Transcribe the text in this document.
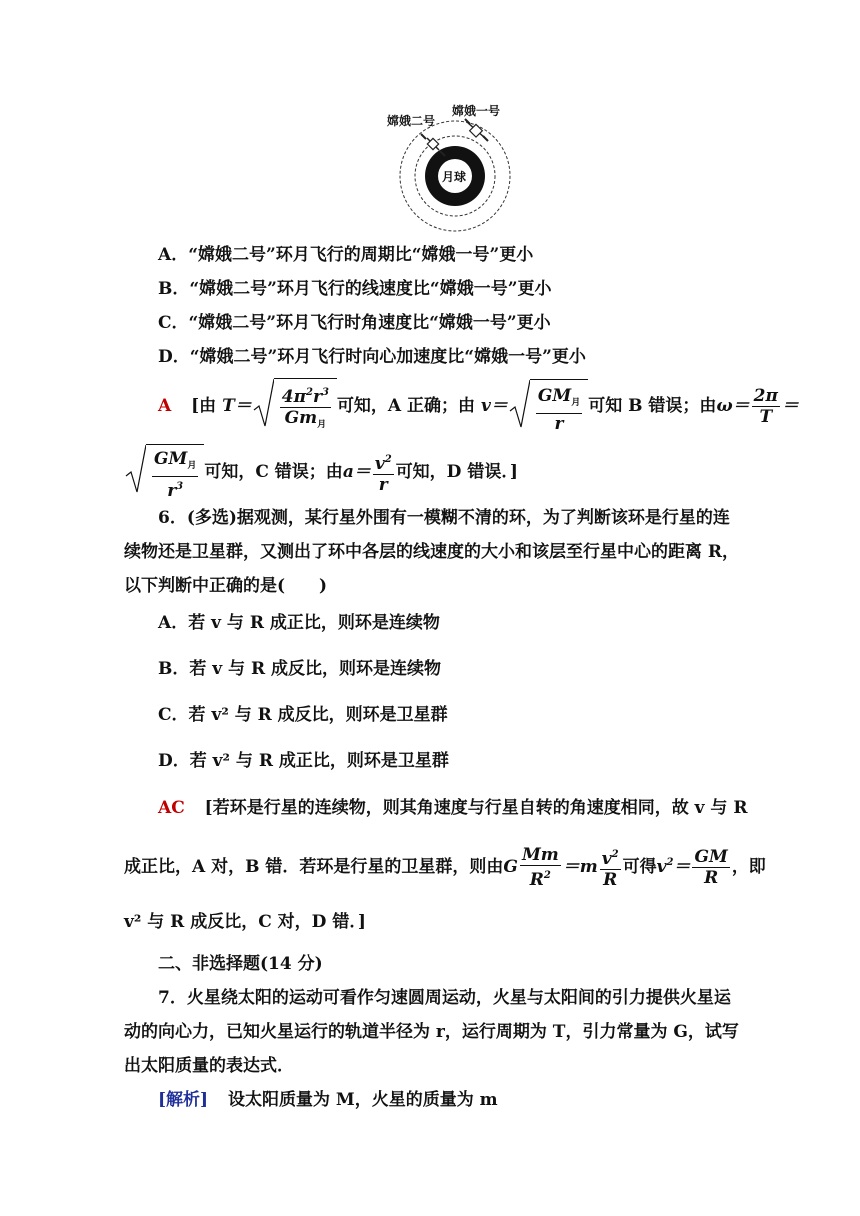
嫦娥二号
嫦娥一号
月球
A．“嫦娥二号”环月飞行的周期比“嫦娥一号”更小
B．“嫦娥二号”环月飞行的线速度比“嫦娥一号”更小
C．“嫦娥二号”环月飞行时角速度比“嫦娥一号”更小
D．“嫦娥二号”环月飞行时向心加速度比“嫦娥一号”更小
A [由 $T= \frac{4\pi^2r^3}{Gm_月}$ 可知，A 正确；由 $v= \frac{GM_月}{r}$ 可知 B 错误；由$\omega= \frac{2\pi}{T}$ ＝
$\frac{GM_月}{r^3}$ 可知，C 错误；由$a= \frac{v^2}{r}$ 可知，D 错误．]
6．(多选)据观测，某行星外围有一模糊不清的环，为了判断该环是行星的连
续物还是卫星群，又测出了环中各层的线速度的大小和该层至行星中心的距离 R，
以下判断中正确的是(　　)
A．若 v 与 R 成正比，则环是连续物
B．若 v 与 R 成反比，则环是连续物
C．若 v² 与 R 成反比，则环是卫星群
D．若 v² 与 R 成正比，则环是卫星群
AC [若环是行星的连续物，则其角速度与行星自转的角速度相同，故 v 与 R
成正比，A 对，B 错．若环是行星的卫星群，则由G $\frac{Mm}{R^2} =m \frac{v^2}{R}$ 可得$v^2= \frac{GM}{R}$ ，即
v² 与 R 成反比，C 对，D 错．]
二、非选择题(14 分)
7．火星绕太阳的运动可看作匀速圆周运动，火星与太阳间的引力提供火星运
动的向心力，已知火星运行的轨道半径为 r，运行周期为 T，引力常量为 G，试写
出太阳质量的表达式．
[解析] 设太阳质量为 M，火星的质量为 m
